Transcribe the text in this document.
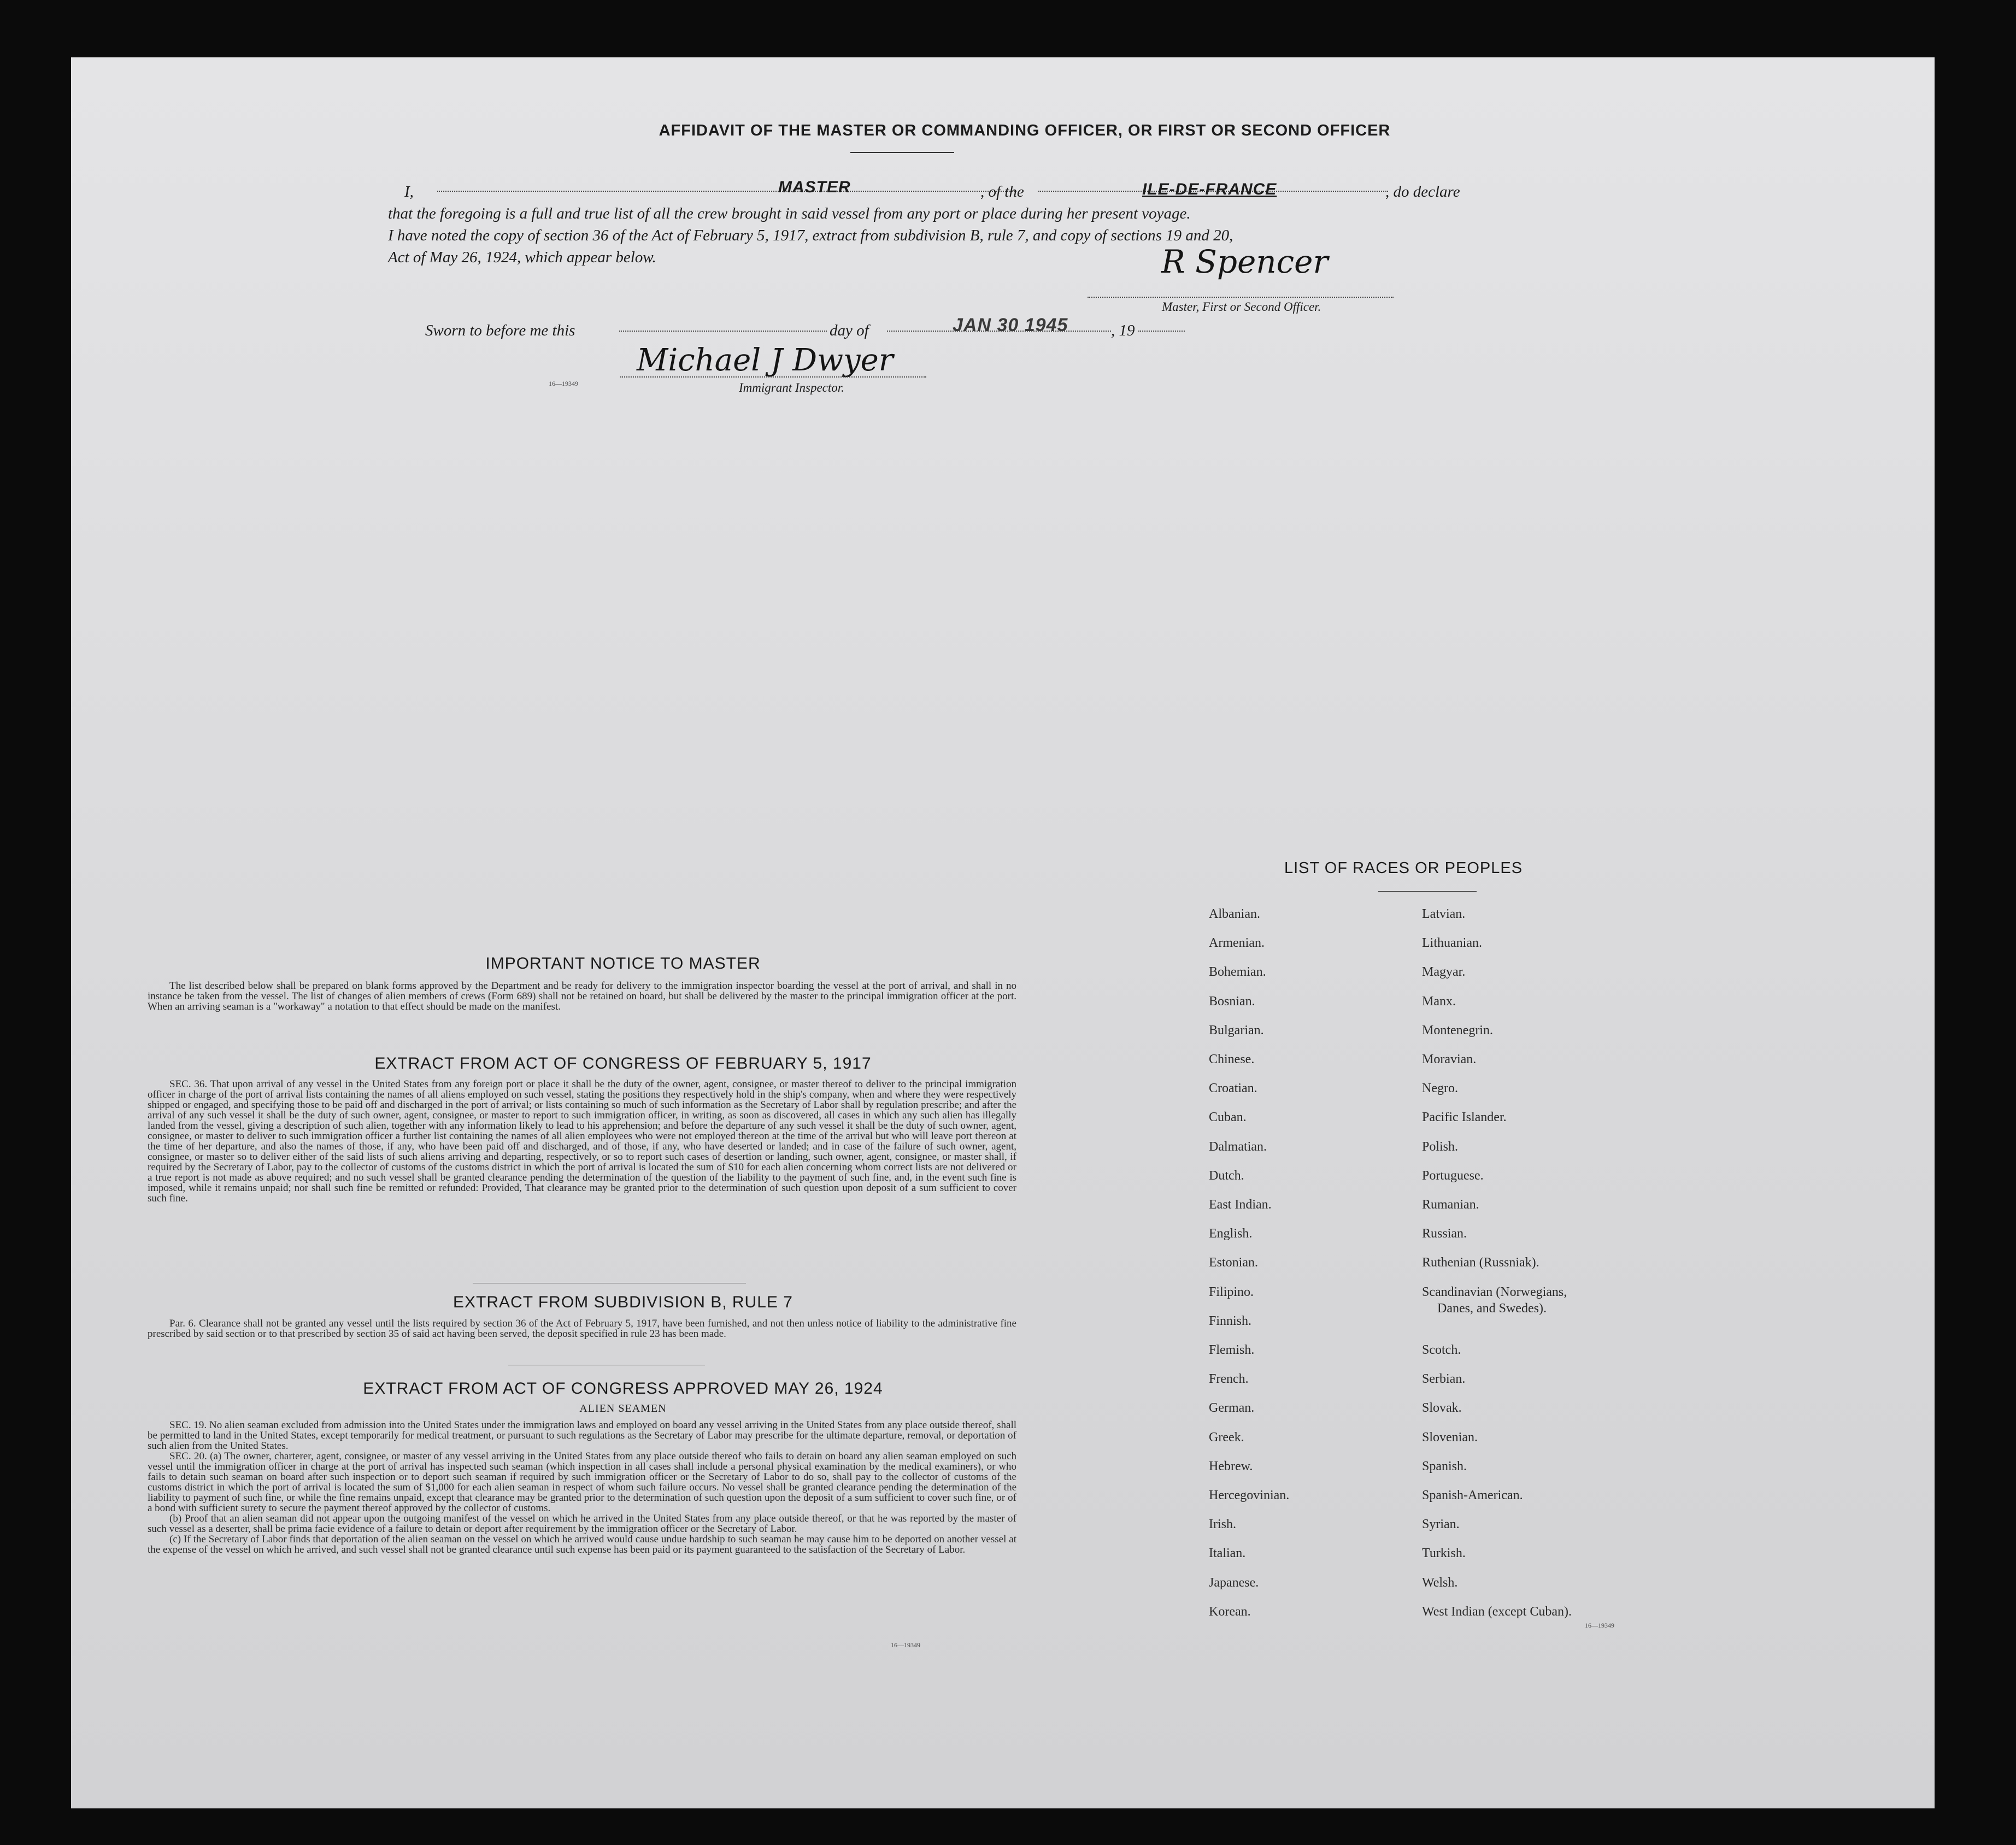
AFFIDAVIT OF THE MASTER OR COMMANDING OFFICER, OR FIRST OR SECOND OFFICER
I,	MASTER	, of the	ILE-DE-FRANCE	, do declare
that the foregoing is a full and true list of all the crew brought in said vessel from any port or place during her present voyage.
I have noted the copy of section 36 of the Act of February 5, 1917, extract from subdivision B, rule 7, and copy of sections 19 and 20,
Act of May 26, 1924, which appear below.	R Spencer
Master, First or Second Officer.
Sworn to before me this	day of	JAN 30 1945	, 19
Michael J Dwyer
16—19349	Immigrant Inspector.
IMPORTANT NOTICE TO MASTER

The list described below shall be prepared on blank forms approved by the Department and be ready for delivery to the immigration inspector boarding the vessel at the port of arrival, and shall in no instance be taken from the vessel. The list of changes of alien members of crews (Form 689) shall not be retained on board, but shall be delivered by the master to the principal immigration officer at the port. When an arriving seaman is a "workaway" a notation to that effect should be made on the manifest.

EXTRACT FROM ACT OF CONGRESS OF FEBRUARY 5, 1917

SEC. 36. That upon arrival of any vessel in the United States from any foreign port or place it shall be the duty of the owner, agent, consignee, or master thereof to deliver to the principal immigration officer in charge of the port of arrival lists containing the names of all aliens employed on such vessel, stating the positions they respectively hold in the ship's company, when and where they were respectively shipped or engaged, and specifying those to be paid off and discharged in the port of arrival; or lists containing so much of such information as the Secretary of Labor shall by regulation prescribe; and after the arrival of any such vessel it shall be the duty of such owner, agent, consignee, or master to report to such immigration officer, in writing, as soon as discovered, all cases in which any such alien has illegally landed from the vessel, giving a description of such alien, together with any information likely to lead to his apprehension; and before the departure of any such vessel it shall be the duty of such owner, agent, consignee, or master to deliver to such immigration officer a further list containing the names of all alien employees who were not employed thereon at the time of the arrival but who will leave port thereon at the time of her departure, and also the names of those, if any, who have been paid off and discharged, and of those, if any, who have deserted or landed; and in case of the failure of such owner, agent, consignee, or master so to deliver either of the said lists of such aliens arriving and departing, respectively, or so to report such cases of desertion or landing, such owner, agent, consignee, or master shall, if required by the Secretary of Labor, pay to the collector of customs of the customs district in which the port of arrival is located the sum of $10 for each alien concerning whom correct lists are not delivered or a true report is not made as above required; and no such vessel shall be granted clearance pending the determination of the question of the liability to the payment of such fine, and, in the event such fine is imposed, while it remains unpaid; nor shall such fine be remitted or refunded: Provided, That clearance may be granted prior to the determination of such question upon deposit of a sum sufficient to cover such fine.

EXTRACT FROM SUBDIVISION B, RULE 7

Par. 6. Clearance shall not be granted any vessel until the lists required by section 36 of the Act of February 5, 1917, have been furnished, and not then unless notice of liability to the administrative fine prescribed by said section or to that prescribed by section 35 of said act having been served, the deposit specified in rule 23 has been made.

EXTRACT FROM ACT OF CONGRESS APPROVED MAY 26, 1924
ALIEN SEAMEN

SEC. 19. No alien seaman excluded from admission into the United States under the immigration laws and employed on board any vessel arriving in the United States from any place outside thereof, shall be permitted to land in the United States, except temporarily for medical treatment, or pursuant to such regulations as the Secretary of Labor may prescribe for the ultimate departure, removal, or deportation of such alien from the United States.

SEC. 20. (a) The owner, charterer, agent, consignee, or master of any vessel arriving in the United States from any place outside thereof who fails to detain on board any alien seaman employed on such vessel until the immigration officer in charge at the port of arrival has inspected such seaman (which inspection in all cases shall include a personal physical examination by the medical examiners), or who fails to detain such seaman on board after such inspection or to deport such seaman if required by such immigration officer or the Secretary of Labor to do so, shall pay to the collector of customs of the customs district in which the port of arrival is located the sum of $1,000 for each alien seaman in respect of whom such failure occurs. No vessel shall be granted clearance pending the determination of the liability to payment of such fine, or while the fine remains unpaid, except that clearance may be granted prior to the determination of such question upon the deposit of a sum sufficient to cover such fine, or of a bond with sufficient surety to secure the payment thereof approved by the collector of customs.

(b) Proof that an alien seaman did not appear upon the outgoing manifest of the vessel on which he arrived in the United States from any place outside thereof, or that he was reported by the master of such vessel as a deserter, shall be prima facie evidence of a failure to detain or deport after requirement by the immigration officer or the Secretary of Labor.

(c) If the Secretary of Labor finds that deportation of the alien seaman on the vessel on which he arrived would cause undue hardship to such seaman he may cause him to be deported on another vessel at the expense of the vessel on which he arrived, and such vessel shall not be granted clearance until such expense has been paid or its payment guaranteed to the satisfaction of the Secretary of Labor.

16—19349
LIST OF RACES OR PEOPLES
16—19349
Albanian.
Armenian.
Bohemian.
Bosnian.
Bulgarian.
Chinese.
Croatian.
Cuban.
Dalmatian.
Dutch.
East Indian.
English.
Estonian.
Filipino.
Finnish.
Flemish.
French.
German.
Greek.
Hebrew.
Hercegovinian.
Irish.
Italian.
Japanese.
Korean.
Latvian.
Lithuanian.
Magyar.
Manx.
Montenegrin.
Moravian.
Negro.
Pacific Islander.
Polish.
Portuguese.
Rumanian.
Russian.
Ruthenian (Russniak).
Scandinavian (Norwegians,
Danes, and Swedes).
Scotch.
Serbian.
Slovak.
Slovenian.
Spanish.
Spanish-American.
Syrian.
Turkish.
Welsh.
West Indian (except Cuban).
